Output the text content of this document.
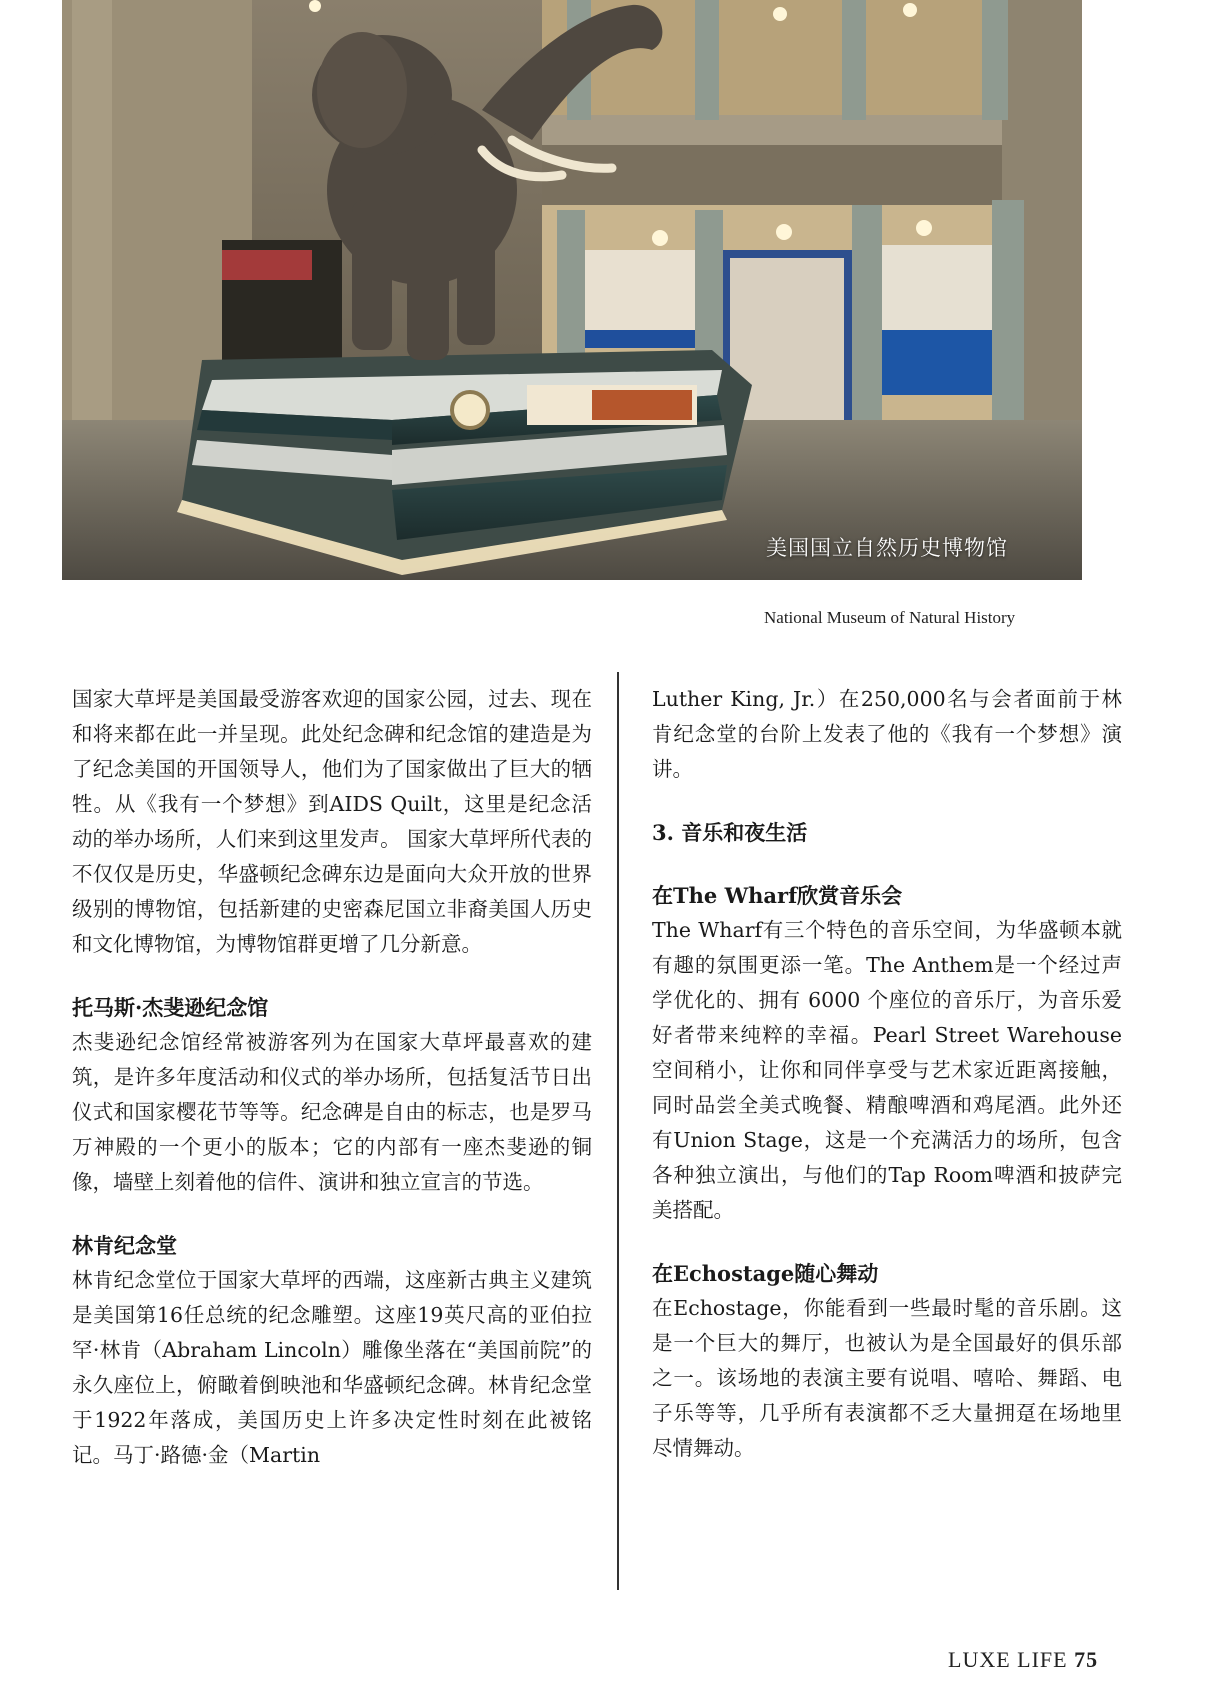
美国国立自然历史博物馆
National Museum of Natural History

国家大草坪是美国最受游客欢迎的国家公园，过去、现在和将来都在此一并呈现。此处纪念碑和纪念馆的建造是为了纪念美国的开国领导人，他们为了国家做出了巨大的牺牲。从《我有一个梦想》到AIDS Quilt，这里是纪念活动的举办场所，人们来到这里发声。 国家大草坪所代表的不仅仅是历史，华盛顿纪念碑东边是面向大众开放的世界级别的博物馆，包括新建的史密森尼国立非裔美国人历史和文化博物馆，为博物馆群更增了几分新意。

托马斯·杰斐逊纪念馆

杰斐逊纪念馆经常被游客列为在国家大草坪最喜欢的建筑，是许多年度活动和仪式的举办场所，包括复活节日出仪式和国家樱花节等等。纪念碑是自由的标志，也是罗马万神殿的一个更小的版本；它的内部有一座杰斐逊的铜像，墙壁上刻着他的信件、演讲和独立宣言的节选。

林肯纪念堂

林肯纪念堂位于国家大草坪的西端，这座新古典主义建筑是美国第16任总统的纪念雕塑。这座19英尺高的亚伯拉罕·林肯（Abraham Lincoln）雕像坐落在“美国前院”的永久座位上，俯瞰着倒映池和华盛顿纪念碑。林肯纪念堂于1922年落成，美国历史上许多决定性时刻在此被铭记。马丁·路德·金（Martin

Luther King, Jr.）在250,000名与会者面前于林肯纪念堂的台阶上发表了他的《我有一个梦想》演讲。

3. 音乐和夜生活
在The Wharf欣赏音乐会

The Wharf有三个特色的音乐空间，为华盛顿本就有趣的氛围更添一笔。The Anthem是一个经过声学优化的、拥有 6000 个座位的音乐厅，为音乐爱好者带来纯粹的幸福。Pearl Street Warehouse空间稍小，让你和同伴享受与艺术家近距离接触，同时品尝全美式晚餐、精酿啤酒和鸡尾酒。此外还有Union Stage，这是一个充满活力的场所，包含各种独立演出，与他们的Tap Room啤酒和披萨完美搭配。

在Echostage随心舞动

在Echostage，你能看到一些最时髦的音乐剧。这是一个巨大的舞厅，也被认为是全国最好的俱乐部之一。该场地的表演主要有说唱、嘻哈、舞蹈、电子乐等等，几乎所有表演都不乏大量拥趸在场地里尽情舞动。

LUXE LIFE 75
